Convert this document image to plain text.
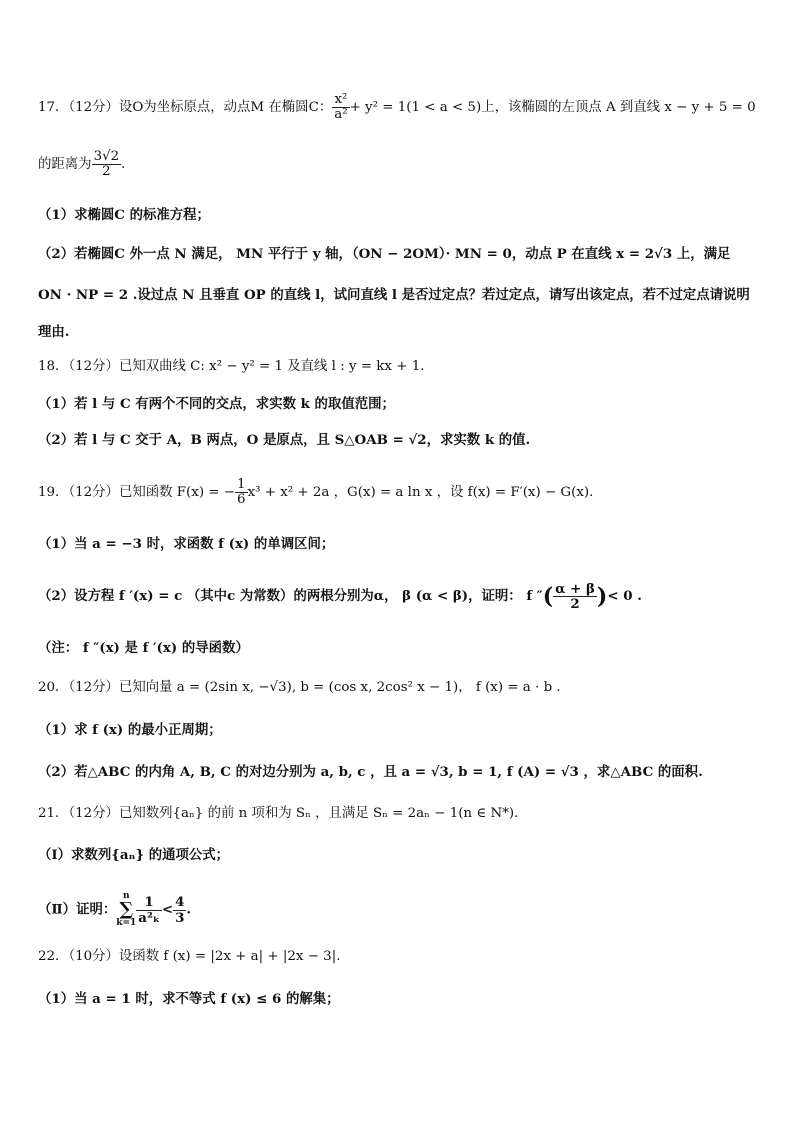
17．（12分）设O为坐标原点，动点M 在椭圆C： $\frac{\text{x²}}{\text{a²}} + y^2 = 1(1 < a < 5)$上，该椭圆的左顶点 A 到直线 x − y + 5 = 0
的距离为 $\frac{3√2}{2}$ ．
（1）求椭圆C 的标准方程；
（2）若椭圆C 外一点 N 满足， MN 平行于 y 轴，（ON − 2OM）· MN = 0，动点 P 在直线 x = 2√3 上，满足
ON · NP = 2 .设过点 N 且垂直 OP 的直线 l，试问直线 l 是否过定点？若过定点，请写出该定点，若不过定点请说明
理由.
18．（12分）已知双曲线 C: x² − y² = 1 及直线 l : y = kx + 1．
（1）若 l 与 C 有两个不同的交点，求实数 k 的取值范围；
（2）若 l 与 C 交于 A，B 两点，O 是原点，且 S△OAB = √2，求实数 k 的值.
19．（12分）已知函数 F(x) = − $\frac{1}{6} x^3 + x^2 + 2a$ ，G(x) = a ln x ，设 f(x) = F′(x) − G(x)．
（1）当 a = −3 时，求函数 f (x) 的单调区间；
（2）设方程 f ′(x) = c （其中c 为常数）的两根分别为α， β (α < β)，证明： f ″( $\frac{\alpha + \beta}{2}$ )< 0 .
（注： f ″(x) 是 f ′(x) 的导函数）
20．（12分）已知向量 a = (2sin x, −√3), b = (cos x, 2cos² x − 1)， f (x) = a · b .
（1）求 f (x) 的最小正周期；
（2）若△ABC 的内角 A, B, C 的对边分别为 a, b, c ，且 a = √3, b = 1, f (A) = √3 ，求△ABC 的面积.
21．（12分）已知数列{aₙ} 的前 n 项和为 Sₙ ，且满足 Sₙ = 2aₙ − 1(n ∈ N*)．
（Ⅰ）求数列{aₙ} 的通项公式；
（Ⅱ）证明：n
∑
$k=1 \frac{1}{\text{a²ₖ}} < \frac{4}{3}$ .
22．（10分）设函数 f (x) = |2x + a| + |2x − 3|.
（1）当 a = 1 时，求不等式 f (x) ≤ 6 的解集；
